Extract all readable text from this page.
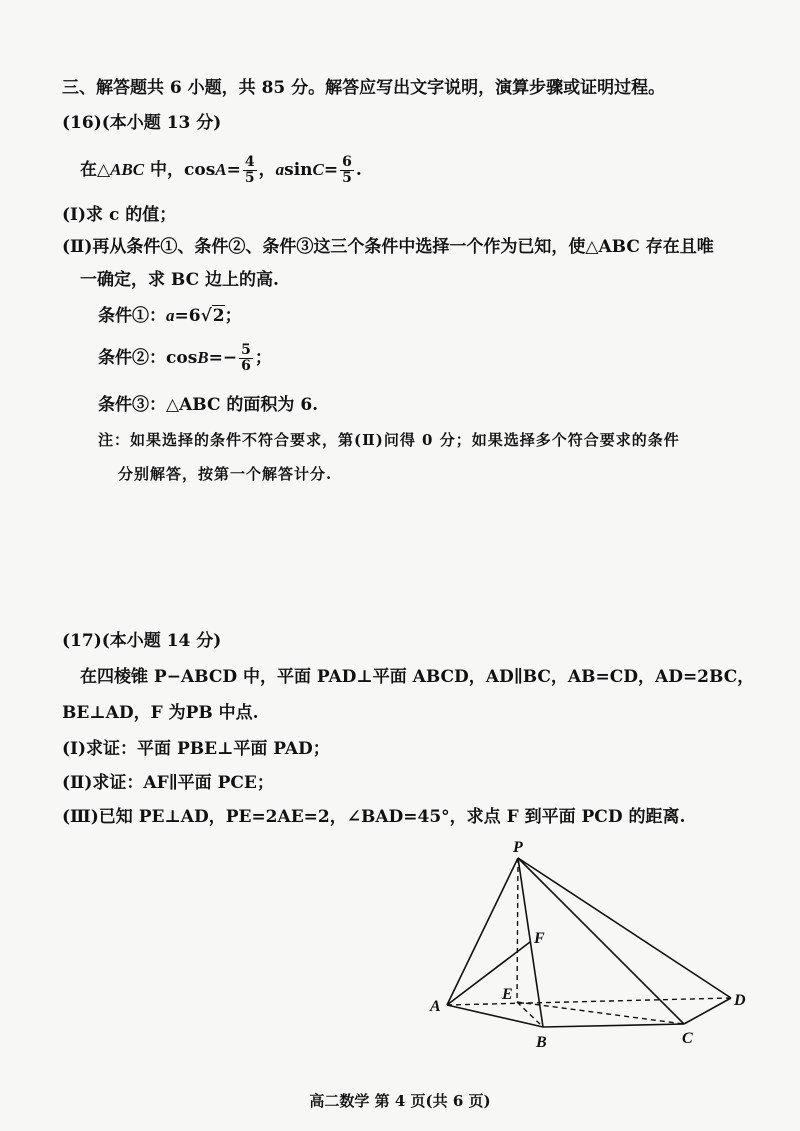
三、解答题共 6 小题，共 85 分。解答应写出文字说明，演算步骤或证明过程。
(16)(本小题 13 分)
在△ABC 中，$\cos A= \frac{4}{5}$ ，$asinC= \frac{6}{5}$ .
(Ⅰ)求 c 的值；
(Ⅱ)再从条件①、条件②、条件③这三个条件中选择一个作为已知，使△ABC 存在且唯
一确定，求 BC 边上的高.
条件①：a=6√2；
条件②：$\cos B=- \frac{5}{6}$ ；
条件③：△ABC 的面积为 6.
注：如果选择的条件不符合要求，第(Ⅱ)问得 0 分；如果选择多个符合要求的条件
分别解答，按第一个解答计分.
(17)(本小题 14 分)
在四棱锥 P−ABCD 中，平面 PAD⊥平面 ABCD，AD∥BC，AB=CD，AD=2BC，
BE⊥AD，F 为PB 中点.
(Ⅰ)求证：平面 PBE⊥平面 PAD；
(Ⅱ)求证：AF∥平面 PCE；
(Ⅲ)已知 PE⊥AD，PE=2AE=2，∠BAD=45°，求点 F 到平面 PCD 的距离.
P
F
E
A
B	C
D
高二数学 第 4 页(共 6 页)
